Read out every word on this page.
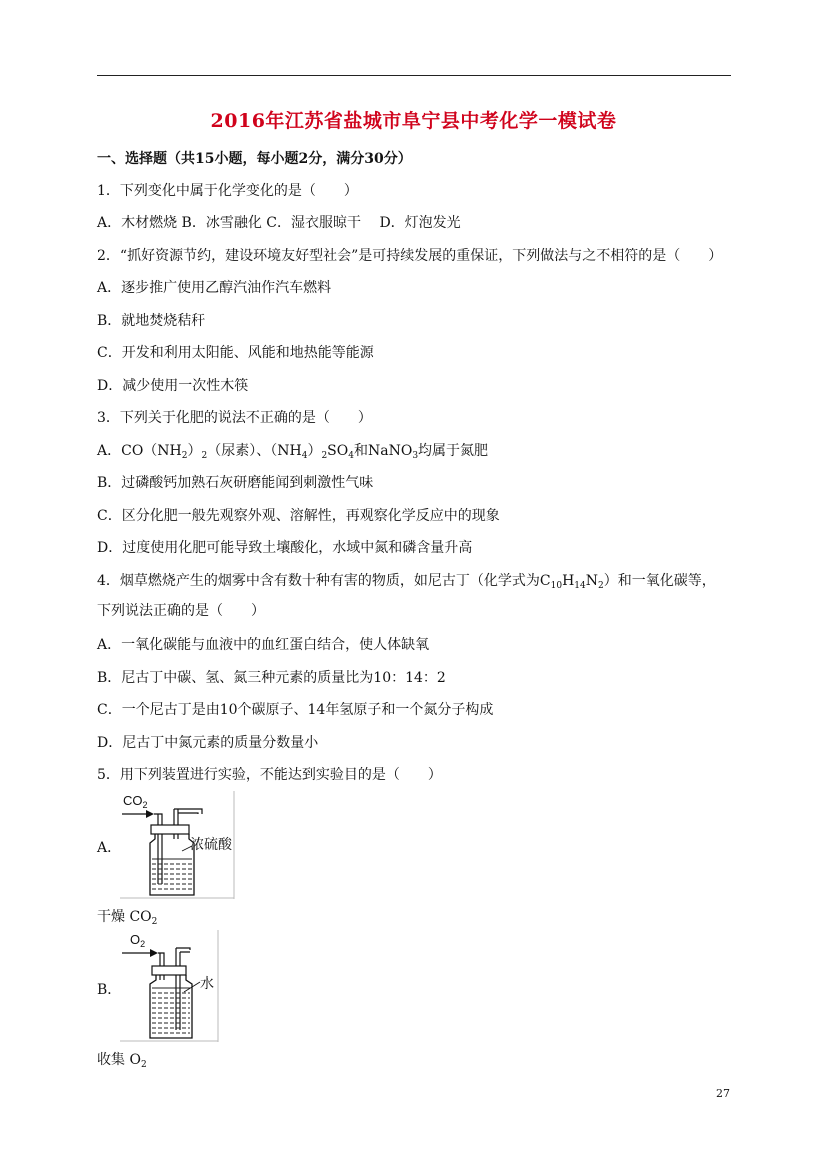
2016年江苏省盐城市阜宁县中考化学一模试卷
一、选择题（共15小题，每小题2分，满分30分）
1．下列变化中属于化学变化的是（　　）
A．木材燃烧 B．冰雪融化 C．湿衣服晾干　 D．灯泡发光
2．“抓好资源节约，建设环境友好型社会”是可持续发展的重保证，下列做法与之不相符的是（　　）
A．逐步推广使用乙醇汽油作汽车燃料
B．就地焚烧秸秆
C．开发和利用太阳能、风能和地热能等能源
D．减少使用一次性木筷
3．下列关于化肥的说法不正确的是（　　）
A．$CO(NH_2)_2$（尿素）、$(NH_4)_2SO_4$和NaNO$_3$均属于氮肥
B．过磷酸钙加熟石灰研磨能闻到刺激性气味
C．区分化肥一般先观察外观、溶解性，再观察化学反应中的现象
D．过度使用化肥可能导致土壤酸化，水域中氮和磷含量升高
4．烟草燃烧产生的烟雾中含有数十种有害的物质，如尼古丁（化学式为$C_{10}H_{14}N_2$）和一氧化碳等，
下列说法正确的是（　　）
A．一氧化碳能与血液中的血红蛋白结合，使人体缺氧
B．尼古丁中碳、氢、氮三种元素的质量比为10：14：2
C．一个尼古丁是由10个碳原子、14年氢原子和一个氮分子构成
D．尼古丁中氮元素的质量分数量小
5．用下列装置进行实验，不能达到实验目的是（　　）
A．
$CO_2$
浓硫酸
干燥 $CO_2$
B．
$O_2$
水
收集 $O_2$
27
